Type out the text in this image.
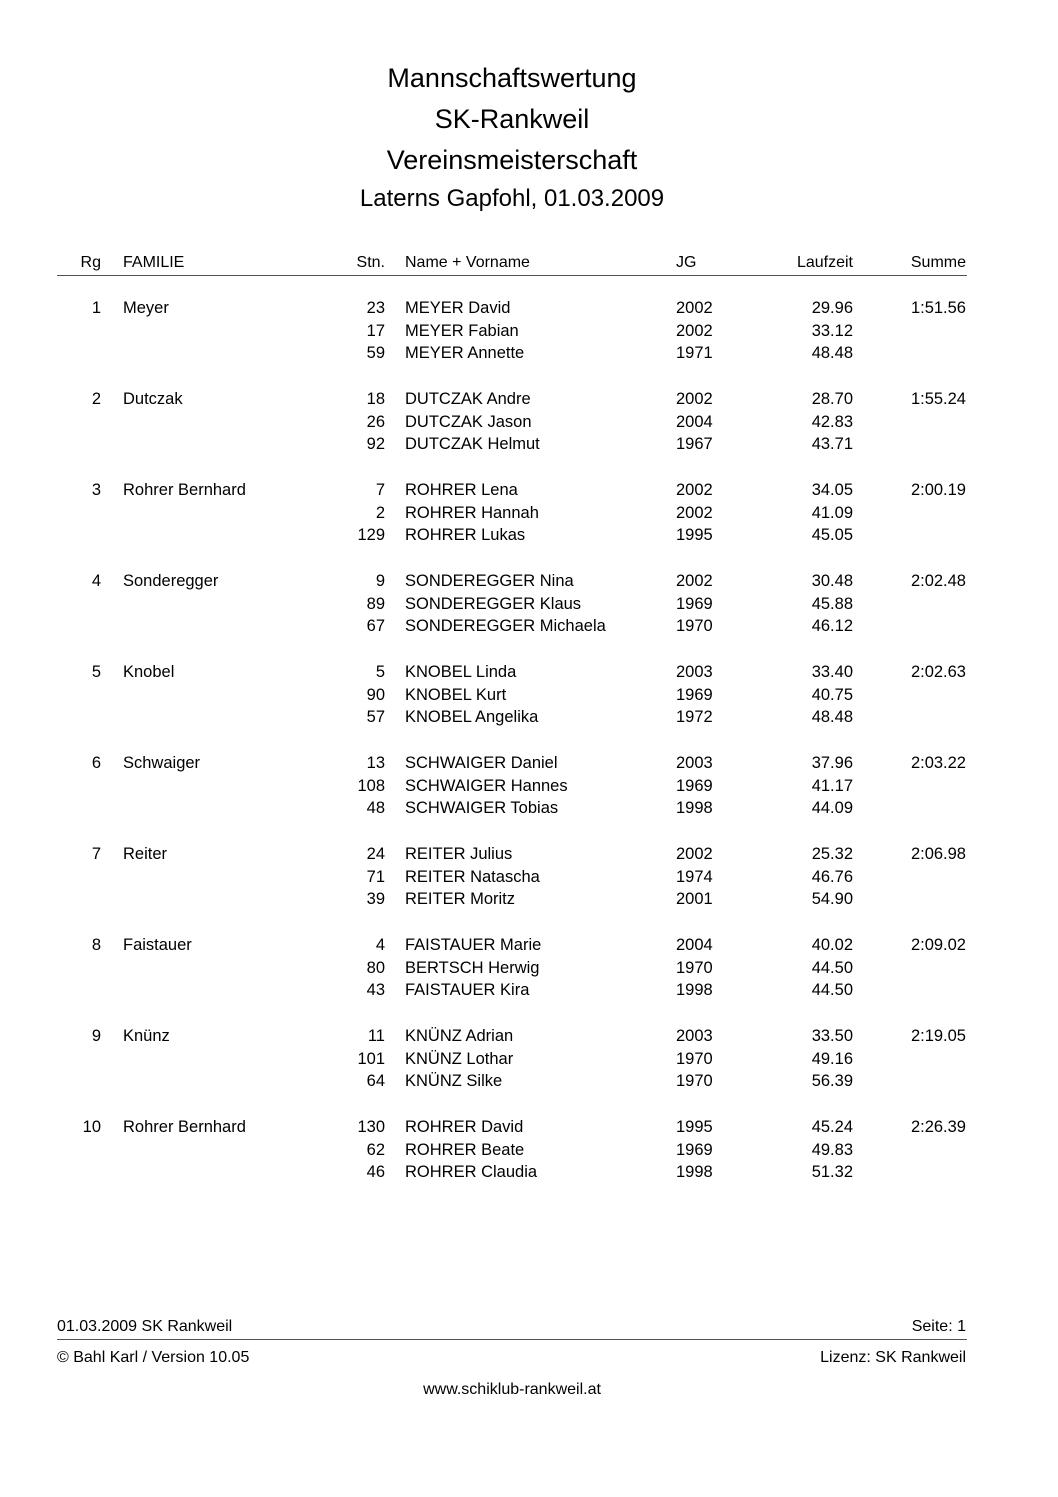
Mannschaftswertung
SK-Rankweil
Vereinsmeisterschaft
Laterns Gapfohl, 01.03.2009
Rg FAMILIE	Stn. Name + Vorname	JG	Laufzeit	Summe
1 Meyer	23 MEYER David	2002	29.96	1:51.56
17 MEYER Fabian	2002	33.12
59 MEYER Annette	1971	48.48
2 Dutczak	18 DUTCZAK Andre	2002	28.70	1:55.24
26 DUTCZAK Jason	2004	42.83
92 DUTCZAK Helmut	1967	43.71
3 Rohrer Bernhard	7 ROHRER Lena	2002	34.05	2:00.19
2 ROHRER Hannah	2002	41.09
129 ROHRER Lukas	1995	45.05
4 Sonderegger	9 SONDEREGGER Nina	2002	30.48	2:02.48
89 SONDEREGGER Klaus	1969	45.88
67 SONDEREGGER Michaela	1970	46.12
5 Knobel	5 KNOBEL Linda	2003	33.40	2:02.63
90 KNOBEL Kurt	1969	40.75
57 KNOBEL Angelika	1972	48.48
6 Schwaiger	13 SCHWAIGER Daniel	2003	37.96	2:03.22
108 SCHWAIGER Hannes	1969	41.17
48 SCHWAIGER Tobias	1998	44.09
7 Reiter	24 REITER Julius	2002	25.32	2:06.98
71 REITER Natascha	1974	46.76
39 REITER Moritz	2001	54.90
8 Faistauer	4 FAISTAUER Marie	2004	40.02	2:09.02
80 BERTSCH Herwig	1970	44.50
43 FAISTAUER Kira	1998	44.50
9 Knünz	11 KNÜNZ Adrian	2003	33.50	2:19.05
101 KNÜNZ Lothar	1970	49.16
64 KNÜNZ Silke	1970	56.39
10 Rohrer Bernhard	130 ROHRER David	1995	45.24	2:26.39
62 ROHRER Beate	1969	49.83
46 ROHRER Claudia	1998	51.32
01.03.2009 SK Rankweil	Seite: 1
© Bahl Karl / Version 10.05	Lizenz: SK Rankweil
www.schiklub-rankweil.at
